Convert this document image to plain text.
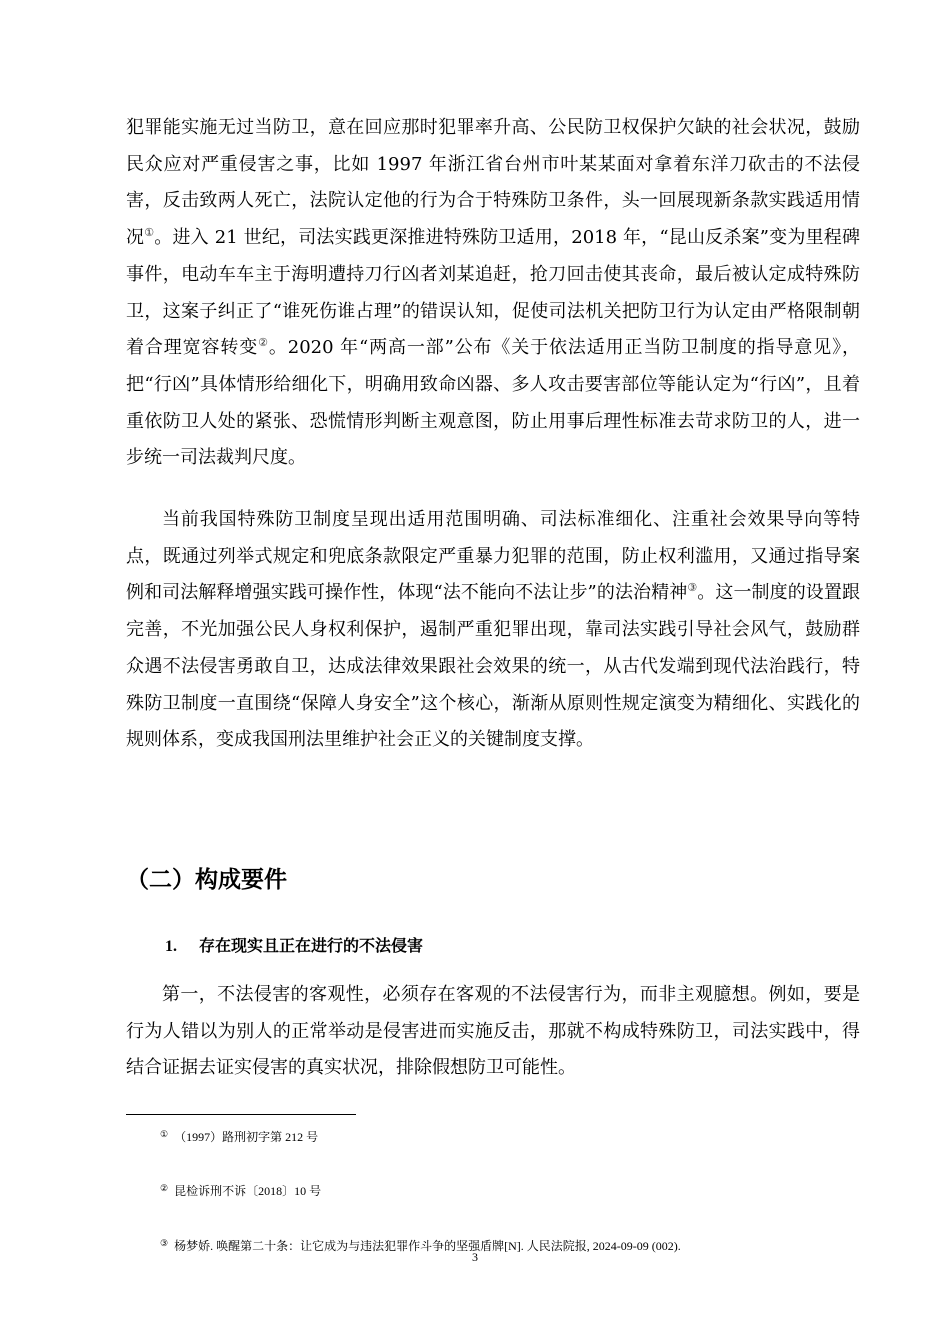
犯罪能实施无过当防卫，意在回应那时犯罪率升高、公民防卫权保护欠缺的社会状况，鼓励民众应对严重侵害之事，比如 1997 年浙江省台州市叶某某面对拿着东洋刀砍击的不法侵害，反击致两人死亡，法院认定他的行为合于特殊防卫条件，头一回展现新条款实践适用情况①。进入 21 世纪，司法实践更深推进特殊防卫适用，2018 年，“昆山反杀案”变为里程碑事件，电动车车主于海明遭持刀行凶者刘某追赶，抢刀回击使其丧命，最后被认定成特殊防卫，这案子纠正了“谁死伤谁占理”的错误认知，促使司法机关把防卫行为认定由严格限制朝着合理宽容转变②。2020 年“两高一部”公布《关于依法适用正当防卫制度的指导意见》，把“行凶”具体情形给细化下，明确用致命凶器、多人攻击要害部位等能认定为“行凶”，且着重依防卫人处的紧张、恐慌情形判断主观意图，防止用事后理性标准去苛求防卫的人，进一步统一司法裁判尺度。

当前我国特殊防卫制度呈现出适用范围明确、司法标准细化、注重社会效果导向等特点，既通过列举式规定和兜底条款限定严重暴力犯罪的范围，防止权利滥用，又通过指导案例和司法解释增强实践可操作性，体现“法不能向不法让步”的法治精神③。这一制度的设置跟完善，不光加强公民人身权利保护，遏制严重犯罪出现，靠司法实践引导社会风气，鼓励群众遇不法侵害勇敢自卫，达成法律效果跟社会效果的统一，从古代发端到现代法治践行，特殊防卫制度一直围绕“保障人身安全”这个核心，渐渐从原则性规定演变为精细化、实践化的规则体系，变成我国刑法里维护社会正义的关键制度支撑。

（二）构成要件
1. 存在现实且正在进行的不法侵害

第一，不法侵害的客观性，必须存在客观的不法侵害行为，而非主观臆想。例如，要是行为人错以为别人的正常举动是侵害进而实施反击，那就不构成特殊防卫，司法实践中，得结合证据去证实侵害的真实状况，排除假想防卫可能性。

① （1997）路刑初字第 212 号
② 昆检诉刑不诉〔2018〕10 号
③ 杨梦娇. 唤醒第二十条：让它成为与违法犯罪作斗争的坚强盾牌[N]. 人民法院报, 2024-09-09 (002).
3
